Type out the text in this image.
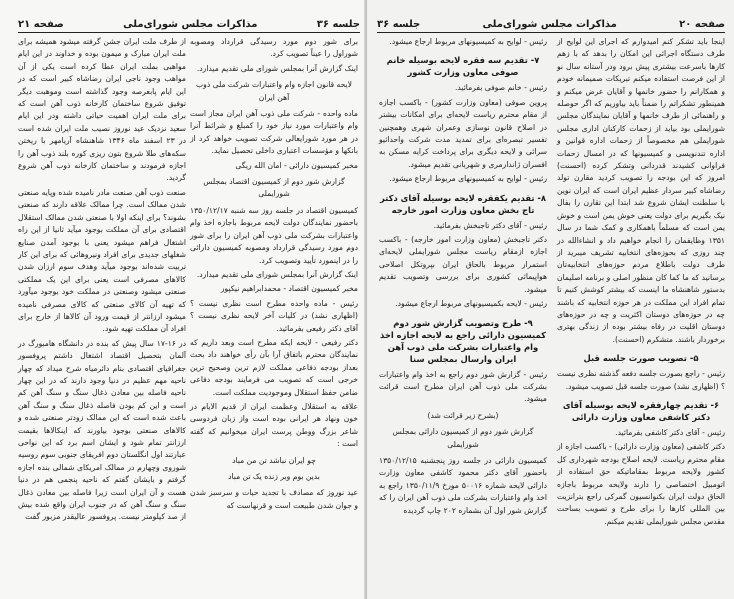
جلسه ۳۶
مذاکرات مجلس شورای‌ملی
صفحه ۲۱
برای شور دوم مورد رسیدگی قرارداد ومصوبه شوراول را عیناً تصویب کرد.
اینک گزارش آنرا بمجلس شورای ملی تقدیم میدارد.
لایحه قانون اجازه وام واعتبارات شرکت ملی ذوب آهن ایران
ماده واحده - شرکت ملی ذوب آهن ایران مجاز است وام واعتبارات مورد نیاز خود را کمبلغ و شرائط آنرا در هر مورد شورایعالی شرکت تصویب خواهد کرد از بانکها و مؤسسات اعتباری داخلی تحصیل نماید.
مخبر کمیسیون دارائی - امان الله ریگی
گزارش شور دوم از کمیسیون اقتصاد بمجلس شورایملی
کمیسیون اقتصاد در جلسه روز سه شنبه ۱۳۵۰/۱۲/۱۷ باحضور نمایندگان دولت لایحه مربوط باجازه اخذ وام واعتبارات بشرکت ملی ذوب آهن ایران را برای شور دوم مورد رسیدگی قرارداد ومصوبه کمیسیون دارائی را در اینمورد تأیید وتصویب کرد.
اینک گزارش آنرا بمجلس شورای ملی تقدیم میدارد.
مخبر کمیسیون اقتصاد - محمدابراهیم نیکپور
رئیس - ماده واحده مطرح است نظری نیست ؟ (اظهاری نشد) در کلیات آخر لایحه نظری نیست ؟ آقای دکتر رفیعی بفرمائید.
دکتر رفیعی - لایحه ایکه مطرح است وبعد داریم که نمایندگان محترم باتفاق آرا بآن رأی خواهند داد بحث بعداز بودجه دفاعی مملکت لازم ترین وصحیح ترین خرجی است که تصویب می فرمایند بودجه دفاعی ضامن حفظ استقلال وموجودیت مملکت است.
علاقه به استقلال وعظمت ایران از قدیم الایام در خون ونهاد هر ایرانی بوده است واز زبان فردوسی شاعر بزرگ ووطن پرست ایران میخوانیم که گفته است :
چو ایران نباشد تن من مباد
بدین بوم وبر زنده یک تن مباد
عید نوروز که مصادف با تجدید حیات و سرسبز شدن و جوان شدن طبیعت است و قرنهاست که
از طرف ملت ایران جشن گرفته میشود همیشه برای ملت ایران مبارک و میمون بوده و خداوند در این ایام مواهبی بملت ایران عطا کرده است یکی از آن مواهب وجود ناجی ایران رضاشاه کبیر است که در این ایام پابعرصه وجود گذاشته است وموهبت دیگر توفیق شروع ساختمان کارخانه ذوب آهن است که برای ملت ایران اهمیت حیاتی داشته ودر این ایام سعید نزدیک عید نوروز نصیب ملت ایران شده است در ۲۳ اسفند ماه ۱۳۴۶ شاهنشاه آریامهر با ریختن سکه‌های طلا شروع بتون ریزی کوره بلند ذوب آهن را اجازه فرمودند و ساختمان کارخانه ذوب آهن شروع گردید.
صنعت ذوب آهن صنعت مادر نامیده شده وپایه صنعتی شدن ممالک است. چرا ممالک علاقه دارند که صنعتی بشوند؟ برای اینکه اولا با صنعتی شدن ممالک استقلال اقتصادی برای آن مملکت بوجود میآید ثانیا از این راه اشتغال فراهم میشود یعنی با بوجود آمدن صنایع شغلهای جدیدی برای افراد ونیروهائی که برای این کار تربیت شده‌اند بوجود میآید وهدف سوم ارزان شدن کالاهای مصرفی است یعنی برای این یک مملکتی صنعتی میشود وصنعتی در مملکت خود بوجود میآورد که تهیه آن کالای صنعتی که کالای مصرفی نامیده میشود ارزانتر از قیمت ورود آن کالاها از خارج برای افراد آن مملکت تهیه شود.
در ۱۶-۱۷ سال پیش که بنده در دانشگاه هامبورگ در آلمان بتحصیل اقتصاد اشتغال داشتم پروفسور جغرافیای اقتصادی بنام دائرمیاه شرح میداد که چهار ناحیه مهم عظیم در دنیا وجود دارند که در این چهار ناحیه فاصله بین معادن ذغال سنگ و سنگ آهن کم است و این کم بودن فاصله ذغال سنگ و سنگ آهن باعث شده است که این ممالک زودتر صنعتی شده و کالاهای صنعتی بوجود بیاورند که اینکالاها بقیمت ارزانتر تمام شود و ایشان اسم برد که این نواحی عبارتند اول انگلستان دوم افریقای جنوبی سوم روسیه شوروی وچهارم در ممالک امریکای شمالی بنده اجازه گرفتم و بایشان گفتم که ناحیه پنجمی هم در دنیا هست و آن ایران است زیرا فاصله بین معادن ذغال سنگ و سنگ آهن که در جنوب ایران واقع شده بیش از صد کیلومتر نیست. پروفسور عالیقدر مزبور گفت
صفحه ۲۰
مذاکرات مجلس شورای‌ملی
جلسه ۳۶
اینجا باید تشکر کنم امیدوارم که اجرای این لوایح از طرف دستگاه اجرائی این امکان را بدهد که با زهم کارها باسرعت بیشتری پیش برود ودر آستانه سال نو از این فرصت استفاده میکنم تبریکات صمیمانه خودم و همکارانم را حضور خانمها و آقایان عرض میکنم و همینطور تشکراتم را ضمناً باید بیاوریم که اگر حوصله و راهنمائی از طرف خانمها و آقایان نمایندگان مجلس شورایملی بود بیاید از زحمات کارکنان اداری مجلس شورایملی هم مخصوصاً از زحمات اداره قوانین و اداره تندنویسی و کمیسیونها که در امسال زحمات فراوانی کشیدند قدردانی وتشکر کرده (احسنت) امروز که این بودجه را تصویب کردید مقارن تولد رضاشاه کبیر سردار عظیم ایران است که ایران نوین با سلطنت ایشان شروع شد ابتدا این تقارن را بفال نیک بگیریم برای دولت یعنی خوش یمن است و خوش یمن است که مسلماً باهمکاری و کمک شما در سال ۱۳۵۱ وظایفمان را انجام خواهیم داد و انشاءالله در چند روزی که بحوزه‌های انتخابیه تشریف میبرید از طرف دولت باطلاع مردم حوزه‌های انتخابیه‌تان برسانید که ما کما کان منظور اصلی و برنامه اصلیمان بدستور شاهنشاه ما اینست که بیشتر کوشش کنیم تا تمام افراد این مملکت در هر حوزه انتخابیه که باشند چه در حوزه‌های دوستان اکثریت و چه در حوزه‌های دوستان اقلیت در رفاه بیشتر بوده از زندگی بهتری برخوردار باشند. متشکرم (احسنت).
۵- تصویب صورت جلسه قبل
رئیس - راجع بصورت جلسه دفعه گذشته نظری نیست ؟ (اظهاری نشد) صورت جلسه قبل تصویب میشود.
۶- تقدیم چهارفقره لایحه بوسیله آقای دکتر کاشفی معاون وزارت دارائی
رئیس - آقای دکتر کاشفی بفرمائید.
دکتر کاشفی (معاون وزارت دارائی) - باکسب اجازه از مقام محترم ریاست. لایحه اصلاح بودجه شهرداری کل کشور ولایحه مربوط بمقاماتیکه حق استفاده از اتومبیل اختصاصی را دارند ولایحه مربوط باجازه الحاق دولت ایران بکنوانسیون گمرکی راجع بترانزیت بین المللی کارها را برای طرح و تصویب بساحت مقدس مجلس شورایملی تقدیم میکنم.
رئیس - لوایح به کمیسیونهای مربوط ارجاع میشود.
۷- تقدیم سه فقره لایحه بوسیله خانم صوفی معاون وزارت کشور
رئیس - خانم صوفی بفرمائید.
پروین صوفی (معاون وزارت کشور) - باکسب اجازه از مقام محترم ریاست لایحه‌ای برای امکانات بیشتر در اصلاح قانون نوسازی وعمران شهری وهمچنین تفسیر تبصره‌ای برای تمدید مدت شرکت واحداثیو سرائی و لایحه دیگری برای پرداخت کرایه مسکن به افسران ژاندارمری و شهربانی تقدیم میشود.
رئیس - لوایح به کمیسیونهای مربوط ارجاع میشود.
۸- تقدیم یکفقره لایحه بوسیله آقای دکتر تاج بخش معاون وزارت امور خارجه
رئیس - آقای دکتر تاجبخش بفرمائید.
دکتر تاجبخش (معاون وزارت امور خارجه) - باکسب اجازه ازمقام ریاست مجلس شورایملی لایحه‌ای استمرار مربوط بالحاق ایران بپروتکل اصلاحی هواپیمائی کشوری برای بررسی وتصویب تقدیم میشود.
رئیس - لایحه بکمیسیونهای مربوط ارجاع میشود.
۹- طرح وتصویب گزارش شور دوم کمیسیون دارائی راجع به لایحه اجازه اخذ وام واعتبارات بشرکت ملی ذوب آهن ایران وارسال بمجلس سنا
رئیس - گزارش شور دوم راجع به اخذ وام واعتبارات بشرکت ملی ذوب آهن ایران مطرح است قرائت میشود.
(بشرح زیر قرائت شد)
گزارش شور دوم از کمیسیون دارائی بمجلس شورایملی
کمیسیون دارائی در جلسه روز پنجشنبه ۱۳۵۰/۱۲/۱۵ باحضور آقای دکتر محمود کاشفی معاون وزارت دارائی لایحه شماره ۵۰۰۱۶ مورخ ۱۳۵۰/۱۱/۹ راجع به اخذ وام واعتبارات بشرکت ملی ذوب آهن ایران را که گزارش شور اول آن بشماره ۲۰۲ چاپ گردیده
